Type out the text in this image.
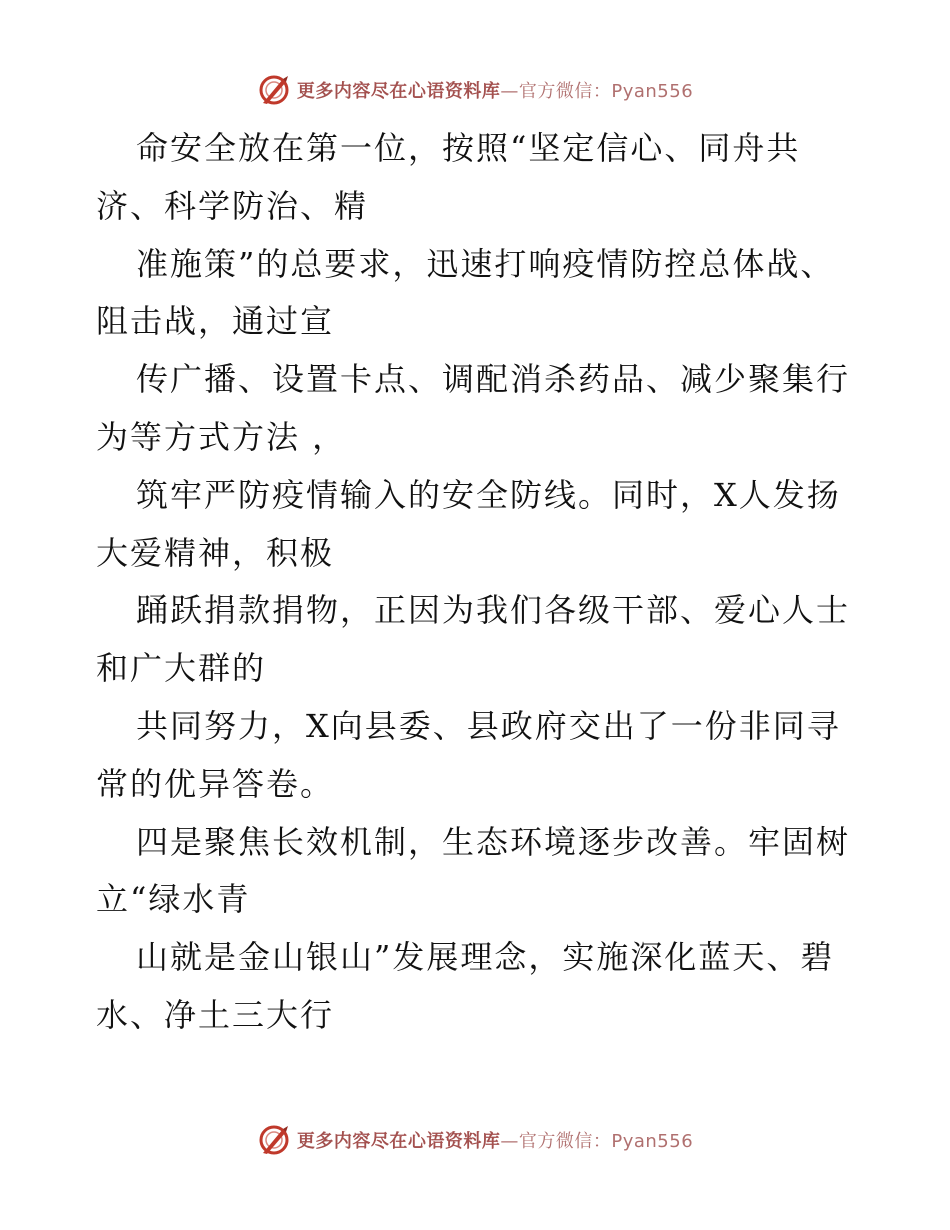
更多内容尽在心语资料库—官方微信：Pyan556
命安全放在第一位，按照“坚定信心、同舟共
济、科学防治、精
准施策”的总要求，迅速打响疫情防控总体战、
阻击战，通过宣
传广播、设置卡点、调配消杀药品、减少聚集行
为等方式方法 ，
筑牢严防疫情输入的安全防线。同时，X人发扬
大爱精神，积极
踊跃捐款捐物，正因为我们各级干部、爱心人士
和广大群的
共同努力，X向县委、县政府交出了一份非同寻
常的优异答卷。
四是聚焦长效机制，生态环境逐步改善。牢固树
立“绿水青
山就是金山银山”发展理念，实施深化蓝天、碧
水、净土三大行
更多内容尽在心语资料库—官方微信：Pyan556
